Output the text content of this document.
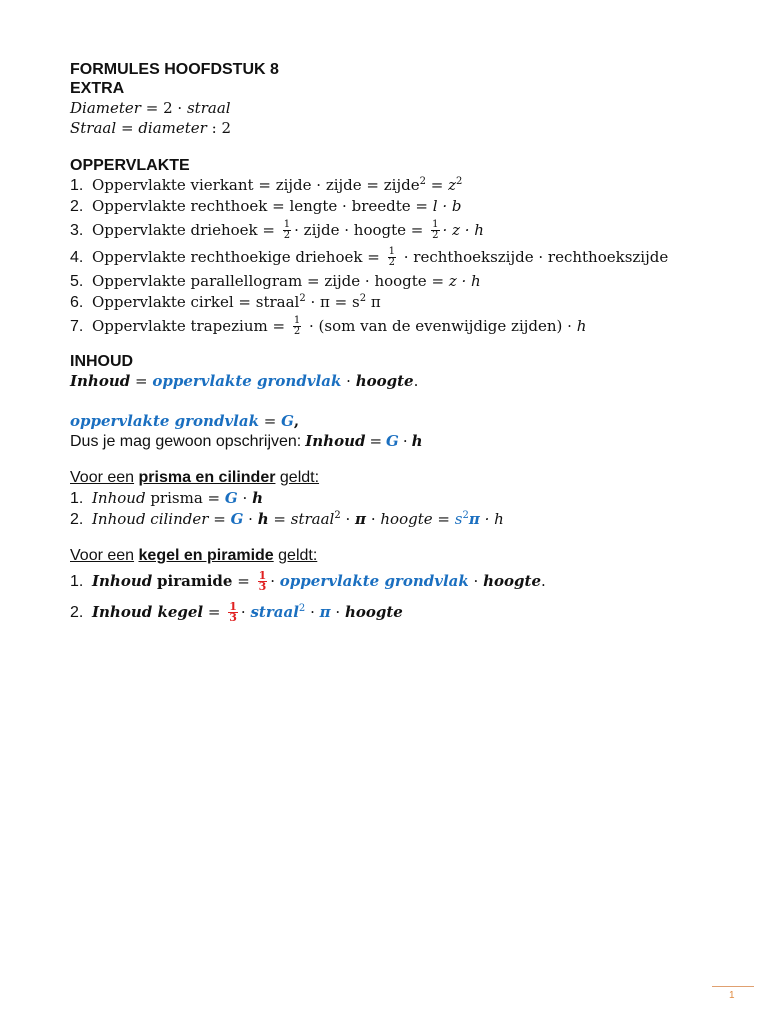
FORMULES HOOFDSTUK 8
EXTRA
Diameter = 2 · straal
Straal = diameter : 2
OPPERVLAKTE
1. Oppervlakte vierkant = zijde · zijde = zijde$^2$ = $z^2$
2. Oppervlakte rechthoek = lengte · breedte = l · b
3. Oppervlakte driehoek = $\frac{1}{2}$ · zijde · hoogte = $\frac{1}{2} \cdot z \cdot h$
4. Oppervlakte rechthoekige driehoek = $\frac{1}{2}$ · rechthoekszijde · rechthoekszijde
5. Oppervlakte parallellogram = zijde · hoogte = z · h
6. Oppervlakte cirkel = straal$^2$ · $\pi = s^2$ π
7. Oppervlakte trapezium = $\frac{1}{2} \cdot (som$ van de evenwijdige zijden) · h
INHOUD
Inhoud = oppervlakte grondvlak · hoogte.
oppervlakte grondvlak = G,
Dus je mag gewoon opschrijven: Inhoud = G · h
Voor een prisma en cilinder geldt:
1. Inhoud prisma = G · h
2. Inhoud cilinder = G · h = straal$^2$ · π · hoogte = $s^2\pi \cdot h$
Voor een kegel en piramide geldt:
1. Inhoud piramide = $\frac{1}{3}$ · oppervlakte grondvlak · hoogte.
2. Inhoud kegel = $\frac{1}{3}$ · straal$^2$ · π · hoogte
1
